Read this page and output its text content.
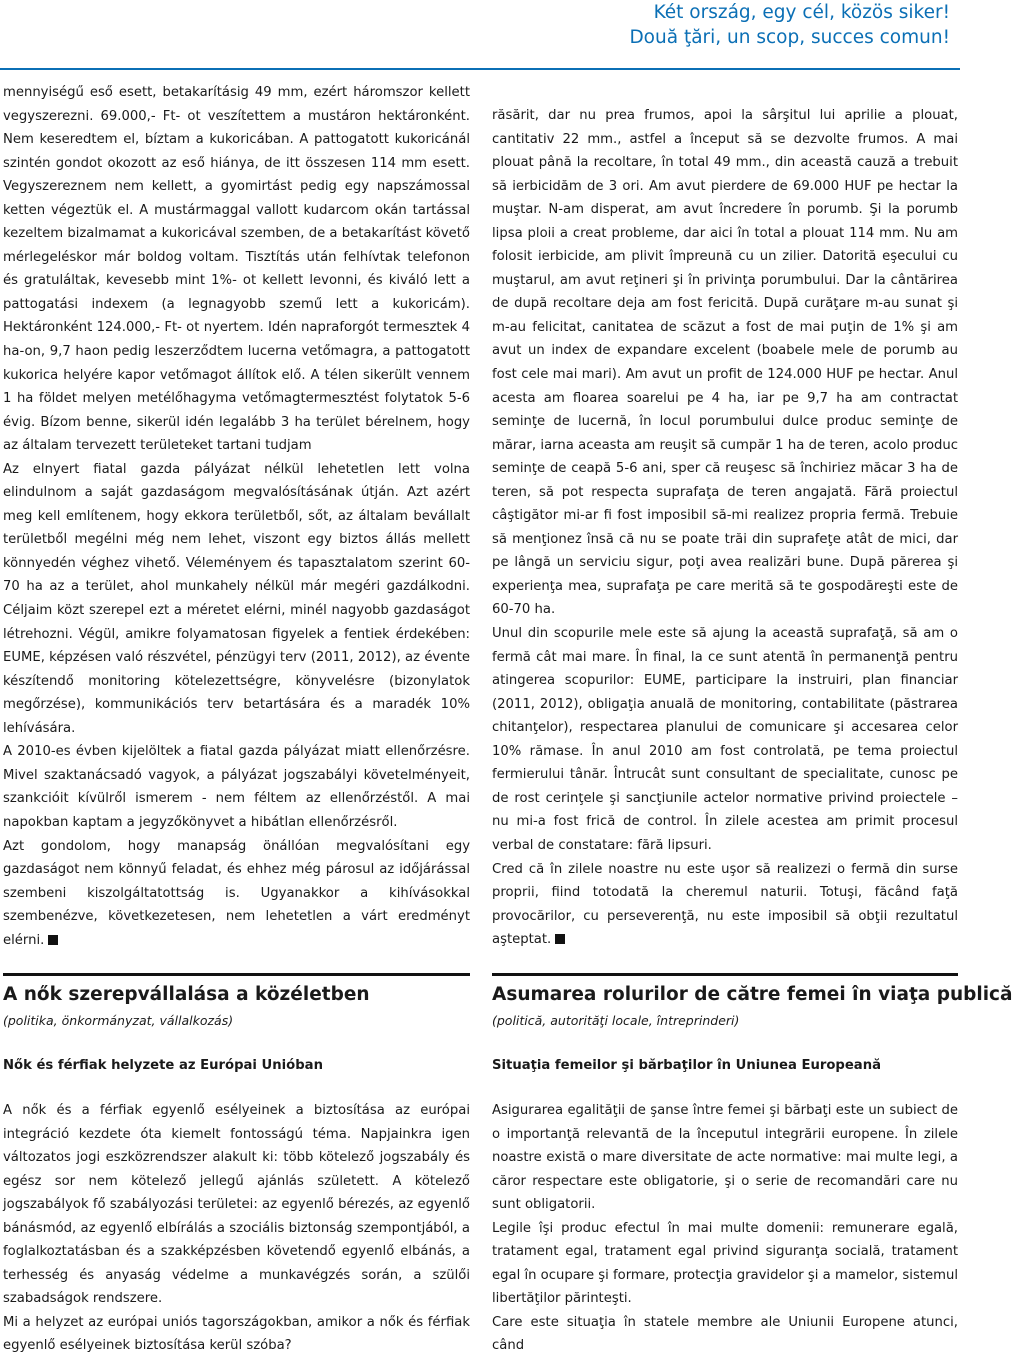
Két ország, egy cél, közös siker!
Două ţări, un scop, succes comun!

mennyiségű eső esett, betakarításig 49 mm, ezért háromszor kellett vegyszerezni. 69.000,- Ft- ot veszítettem a mustáron hektáronként. Nem keseredtem el, bíztam a kukoricában. A pattogatott kukoricánál szintén gondot okozott az eső hiánya, de itt összesen 114 mm esett. Vegyszereznem nem kellett, a gyomirtást pedig egy napszámossal ketten végeztük el. A mustármaggal vallott kudarcom okán tartással kezeltem bizalmamat a kukoricával szemben, de a betakarítást követő mérlegeléskor már boldog voltam. Tisztítás után felhívtak telefonon és gratuláltak, kevesebb mint 1%- ot kellett levonni, és kiváló lett a pattogatási indexem (a legnagyobb szemű lett a kukoricám). Hektáronként 124.000,- Ft- ot nyertem. Idén napraforgót termesztek 4 ha-on, 9,7 haon pedig leszerződtem lucerna vetőmagra, a pattogatott kukorica helyére kapor vetőmagot állítok elő. A télen sikerült vennem 1 ha földet melyen metélőhagyma vetőmagtermesztést folytatok 5-6 évig. Bízom benne, sikerül idén legalább 3 ha terület bérelnem, hogy az általam tervezett területeket tartani tudjam

Az elnyert fiatal gazda pályázat nélkül lehetetlen lett volna elindulnom a saját gazdaságom megvalósításának útján. Azt azért meg kell említenem, hogy ekkora területből, sőt, az általam bevállalt területből megélni még nem lehet, viszont egy biztos állás mellett könnyedén véghez vihető. Véleményem és tapasztalatom szerint 60-70 ha az a terület, ahol munkahely nélkül már megéri gazdálkodni. Céljaim közt szerepel ezt a méretet elérni, minél nagyobb gazdaságot létrehozni. Végül, amikre folyamatosan figyelek a fentiek érdekében: EUME, képzésen való részvétel, pénzügyi terv (2011, 2012), az évente készítendő monitoring kötelezettségre, könyvelésre (bizonylatok megőrzése), kommunikációs terv betartására és a maradék 10% lehívására.

A 2010-es évben kijelöltek a fiatal gazda pályázat miatt ellenőrzésre. Mivel szaktanácsadó vagyok, a pályázat jogszabályi követelményeit, szankcióit kívülről ismerem - nem féltem az ellenőrzéstől. A mai napokban kaptam a jegyzőkönyvet a hibátlan ellenőrzésről.

Azt gondolom, hogy manapság önállóan megvalósítani egy gazdaságot nem könnyű feladat, és ehhez még párosul az időjárással szembeni kiszolgáltatottság is. Ugyanakkor a kihívásokkal szembenézve, következetesen, nem lehetetlen a várt eredményt elérni.

răsărit, dar nu prea frumos, apoi la sârşitul lui aprilie a plouat, cantitativ 22 mm., astfel a început să se dezvolte frumos. A mai plouat până la recoltare, în total 49 mm., din această cauză a trebuit să ierbicidăm de 3 ori. Am avut pierdere de 69.000 HUF pe hectar la muştar. N-am disperat, am avut încredere în porumb. Şi la porumb lipsa ploii a creat probleme, dar aici în total a plouat 114 mm. Nu am folosit ierbicide, am plivit împreună cu un zilier. Datorită eşecului cu muştarul, am avut reţineri şi în privinţa porumbului. Dar la cântărirea de după recoltare deja am fost fericită. După curăţare m-au sunat şi m-au felicitat, canitatea de scăzut a fost de mai puţin de 1% şi am avut un index de expandare excelent (boabele mele de porumb au fost cele mai mari). Am avut un profit de 124.000 HUF pe hectar. Anul acesta am floarea soarelui pe 4 ha, iar pe 9,7 ha am contractat seminţe de lucernă, în locul porumbului dulce produc seminţe de mărar, iarna aceasta am reuşit să cumpăr 1 ha de teren, acolo produc seminţe de ceapă 5-6 ani, sper că reuşesc să închiriez măcar 3 ha de teren, să pot respecta suprafaţa de teren angajată. Fără proiectul câştigător mi-ar fi fost imposibil să-mi realizez propria fermă. Trebuie să menţionez însă că nu se poate trăi din suprafeţe atât de mici, dar pe lângă un serviciu sigur, poţi avea realizări bune. După părerea şi experienţa mea, suprafaţa pe care merită să te gospodăreşti este de 60-70 ha.

Unul din scopurile mele este să ajung la această suprafaţă, să am o fermă cât mai mare. În final, la ce sunt atentă în permanenţă pentru atingerea scopurilor: EUME, participare la instruiri, plan financiar (2011, 2012), obligaţia anuală de monitoring, contabilitate (păstrarea chitanţelor), respectarea planului de comunicare şi accesarea celor 10% rămase. În anul 2010 am fost controlată, pe tema proiectul fermierului tânăr. Întrucât sunt consultant de specialitate, cunosc pe de rost cerinţele şi sancţiunile actelor normative privind proiectele – nu mi-a fost frică de control. În zilele acestea am primit procesul verbal de constatare: fără lipsuri.

Cred că în zilele noastre nu este uşor să realizezi o fermă din surse proprii, fiind totodată la cheremul naturii. Totuşi, făcând faţă provocărilor, cu perseverenţă, nu este imposibil să obţii rezultatul aşteptat.

A nők szerepvállalása a közéletben
(politika, önkormányzat, vállalkozás)
Nők és férfiak helyzete az Európai Unióban
Asumarea rolurilor de către femei în viaţa publică
(politică, autorităţi locale, întreprinderi)
Situaţia femeilor şi bărbaţilor în Uniunea Europeană

A nők és a férfiak egyenlő esélyeinek a biztosítása az európai integráció kezdete óta kiemelt fontosságú téma. Napjainkra igen változatos jogi eszközrendszer alakult ki: több kötelező jogszabály és egész sor nem kötelező jellegű ajánlás született. A kötelező jogszabályok fő szabályozási területei: az egyenlő bérezés, az egyenlő bánásmód, az egyenlő elbírálás a szociális biztonság szempontjából, a foglalkoztatásban és a szakképzésben követendő egyenlő elbánás, a terhesség és anyaság védelme a munkavégzés során, a szülői szabadságok rendszere.

Mi a helyzet az európai uniós tagországokban, amikor a nők és férfiak egyenlő esélyeinek biztosítása kerül szóba?

Asigurarea egalităţii de şanse între femei şi bărbaţi este un subiect de o importanţă relevantă de la începutul integrării europene. În zilele noastre există o mare diversitate de acte normative: mai multe legi, a căror respectare este obligatorie, şi o serie de recomandări care nu sunt obligatorii.

Legile îşi produc efectul în mai multe domenii: remunerare egală, tratament egal, tratament egal privind siguranţa socială, tratament egal în ocupare şi formare, protecţia gravidelor şi a mamelor, sistemul libertăţilor părinteşti.

Care este situaţia în statele membre ale Uniunii Europene atunci, când
